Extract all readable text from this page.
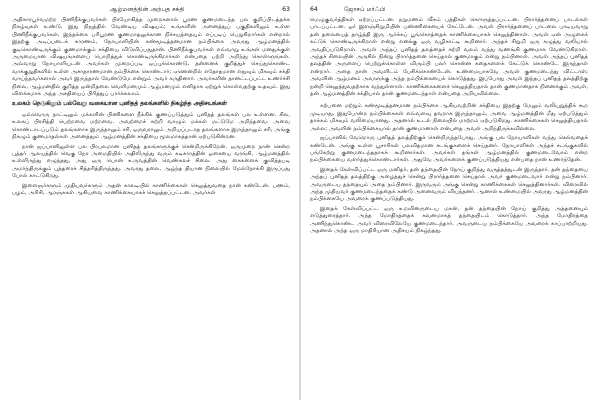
ஆழ்மனத்தின் அற்புத சக்தி	63

அதிகாரபூர்வமற்ற பிணிநீக்குபவர்கள் பிரயோகித்த முறைகளால் பூரண குணமடைந்த பல குறிப்பிடத்தக்க நிகழ்வுகள் உண்டு. இது நிஜத்தில் வேண்டிய விஷயம்; உங்களின் அனைத்துப் பகுதிகளிலும் உள்ள பிணிநீக்குபவர்கள், இந்தக்கை பரிபூரண குணமாதலுக்கான நிச்சயத்தையும் எப்படிப் பெறுகிறார்கள் என்றால் இதற்கு அடிப்படைக் காரணம், நோயாளியின் கண்மூடித்தனமான நம்பிக்கை அவரது ஆழ்மனத்தில் குடிகொண்டிருக்கும் குணமாக்கும் சக்தியை விடுவிப்பதுதான். பிணிநீக்குபவர்கள் எவ்வாறு உங்கள் மனதுக்குள் அருமையான விஷயங்களைப் பொறித்துக் கொண்டிருக்கிறார்கள் என்பதை பற்றி அறிந்து கொள்ளுங்கள். அவ்வாறு நோயாளியுடன் அவர்கள் முறைப்படி ஒப்புக்கொண்டு, தன்னைக் குறித்துச் செய்துகொண்ட வாக்குறுதிகளில் உள்ள அசாதாரணமான நம்பிக்கை கொண்டார்; ஏனென்றில் எதோதமான எதுவும் மிகவும் சக்தி வாய்ந்தவர்களால் அவர் இருந்தால் வேண்டுமே என்றும் அவர் கருதினார். அவர்களின் தானட்டப்பட்ட உணர்ச்சி நிலை, ஆழ்மனதில் குறித்த ஒன்றிதலை வெளிமனமும் ஆழ்மனமும் எனிதாக ஏற்றுக் கொள்வதற்கு உதவும். இது விளக்கமாக அந்த அசதியைப் பிரித்துப் பார்க்கலாம்.

உலகம் நெடுகிலும் பல்வேறு வகையான புனிதத் தலங்களில் நிகழ்ந்த அதிசயங்கள்

ஒவ்வொரு நாட்டிலும் மக்களின் பிணிகளை நீக்கிக் குணப்படுத்தும் புனிதத் தலங்கள் பல உள்ளன. சில, உலகப் பிரசித்தி பெற்றவை மற்றவை. அவற்றைச் சுற்றி வாழும் மக்கள் மட்டுமே அறிந்தவை. அவை கொண்டாடப்படும் தலங்களாக இருந்தாலும் சரி, ஒருவராலும் அறியப்படாத தலங்களாக இருந்தாலும் சரி, அங்கு நிகழும் குணமாதல்கள் அனைத்தும் ஆழ்மனத்தின் சக்தியை மூலமாகத்தான் ஏற்படுகின்றன.

நான் ஜப்பானிலுள்ள பல பிரபலமான புனிதத் தலங்களுக்குச் சென்றிருக்கிறேன். ஒருமுறை நான் சென்ற புத்தர் ஆலயத்தில் வெகு நேர அமைதியில் அதிலிருந்து வரும் கடிகாரத்தின் ஓசையை வரங்கி, ஆழ்மனத்தில் உள்ளிருந்து எழுந்தது, அது ஒரு பொன் உருவத்தின் வெண்கலச் சிலை. அது கைகளைக் குவித்தபடி அமர்ந்திருக்கும் புத்தரைச் சித்தரித்திருந்தது. அவரது தலை, ஆழ்ந்த தியான நிலையில் மேல்நோக்கி இருப்பது போல் காட்டுகிறது.

இளைஞர்களும் முதியவர்களும் அதன் காலடியில் காணிக்கைகள் செலுத்துவதை நான் கண்டேன். பணம், பழம், அரிசி, ஆரஞ்சுகள் ஆகியவை காணிக்கையாகச் செலுத்தப்பட்டன. அவர்கள்

64	ஜோசப் மர்ஃபி

மெழுகுவர்த்திகள் ஏற்றப்பட்டன. நறுமணம் வீசும் பத்திகள் கொளுத்தப்பட்டன. பிரார்த்தனைப் பாடல்கள் பாடப்பட்டன. ஓர் இளஞ்சிறுமியின் பண்ணிசையைக் கேட்டேன். அவள் பிரார்த்தனைப் பாடலை பாடியவாறு தன் தலையைத் தாழ்த்தி இரு ஆர்க்கப் பூங்கொத்தைக் காணிக்கையாகச் செலுத்தினாள். அவள் ஏன் அழுகைக் கட்டுக் கொண்டிருக்கிறாள் என்று எனக்கு ஒரு வழிகாட்டி கூறினார். அந்தச் சிறுமி ஒரு கழுத்து வலியால் அவதிப்படுகிறாள். அவள் அந்தப் புனிதத் தலத்தைச் சுற்றி வலம் வந்து வணங்கி குணமாக வேண்டுகிறாள். அந்தச் சிலையின் அருகில் நின்று பிரார்த்தனை செய்தால் குணமாகும் என்று நம்பினாள். அவள் அந்தப் புனிதத் தலத்தின் அருளைப் பெற்றுக்கொள்ள விரும்பி பலர் சொன்ன கதைகளைக் கேட்டுக் கொண்டே இருந்தாள் என்றார். அதை நான் அவளிடம் பேசிக்கொண்டேன். உண்மையாகவே அவள் குணமடைந்து விட்டாள்; அவளின் ஆழ்மனம் அவளுக்கு அந்த நம்பிக்கையைக் கொடுத்தது. இப்போது அவள் இந்தப் புனிதத் தலத்திற்கு நன்றி செலுத்துவதற்காக வந்துள்ளாள். காணிக்கைகளைச் செலுத்தியதால் தான் குணமானதாக நினைக்கும் அவள், தன் ஆழ்மனத்தின் சக்தியால் தான் குணமடைந்தாள் என்பதை அறியவில்லை.

கற்பனை மற்றும் கண்மூடித்தனமான நம்பிக்கை ஆகியவற்றின் சக்தியை இதற்கு மேலும் வலியுறுத்திக் கூற முடியாது. இதுபோன்ற நம்பிக்கைகள் எவ்வளவு தவறாக இருந்தாலும், அவை ஆழ்மனத்தின் மீது ஏற்படுத்தும் தாக்கம் மிகவும் வலிமையானது. அதனால் உடல் நிலையில் மாற்றம் ஏற்படுகிறது. காணிக்கைகள் செலுத்தியதால் அல்ல; அவளின் நம்பிக்கையால் தான் குணமானாள் என்பதை அவள் அறிந்திருக்கவில்லை.

ஜப்பானில் வேறொரு புனிதத் தலத்திற்குச் சென்றிருந்தபோது, அங்கு பல நோயாளிகள் வந்து செல்வதைக் கண்டேன். அங்கு உள்ள பூசாரிகள் பலவிதமான சடங்குகளைச் செய்தனர். நோயாளிகள் அந்தச் சடங்குகளில் பங்கேற்று குணமடைந்ததாகக் கூறினார்கள். அவர்கள் தங்கள் ஆழ்மனத்தில் குணமடைவோம் என்ற நம்பிக்கையை வளர்த்துக்கொண்டார்கள். அதுவே அவர்களைக் குணப்படுத்தியது என்பதை நான் உணர்ந்தேன்.

இதைக் கேள்விப்பட்ட ஒரு மனிதர், தன் தந்தையின் நோய் குறித்து வருத்தத்துடன் இருந்தார். தன் தந்தையை அந்தப் புனிதத் தலத்திற்கு அழைத்துச் சென்று பிரார்த்தனை செய்தால் அவர் குணமடைவார் என்று நம்பினார். அவருடைய தந்தையும் அதை நம்பினார். இருவரும் அங்கு சென்று காணிக்கைகள் செலுத்தினார்கள். விரைவில் அந்த முதியவர் குணமடைந்ததைக் கண்டு அனைவரும் வியந்தனர். ஆனால் உண்மையில் அவரது ஆழ்மனத்தின் நம்பிக்கையே அவரைக் குணப்படுத்தியது.

இதைக் கேள்விப்பட்ட ஒரு உறவினருடைய மகன், தன் தந்தையின் நோய் குறித்து அத்தனையும் எடுத்துரைத்தார். அந்த மோதிரத்தைக் கவனமாகத் தந்தையிடம் கொடுத்தார். அந்த மோதிரத்தை அணிந்துகொண்ட அவர் விரைவிலேயே குணமடைந்தார். அவருடைய நம்பிக்கையே அவரைக் காப்பாற்றியது. அதனால் அந்த ஒரு மாதிரியான அதிசயம் நிகழ்ந்தது.
